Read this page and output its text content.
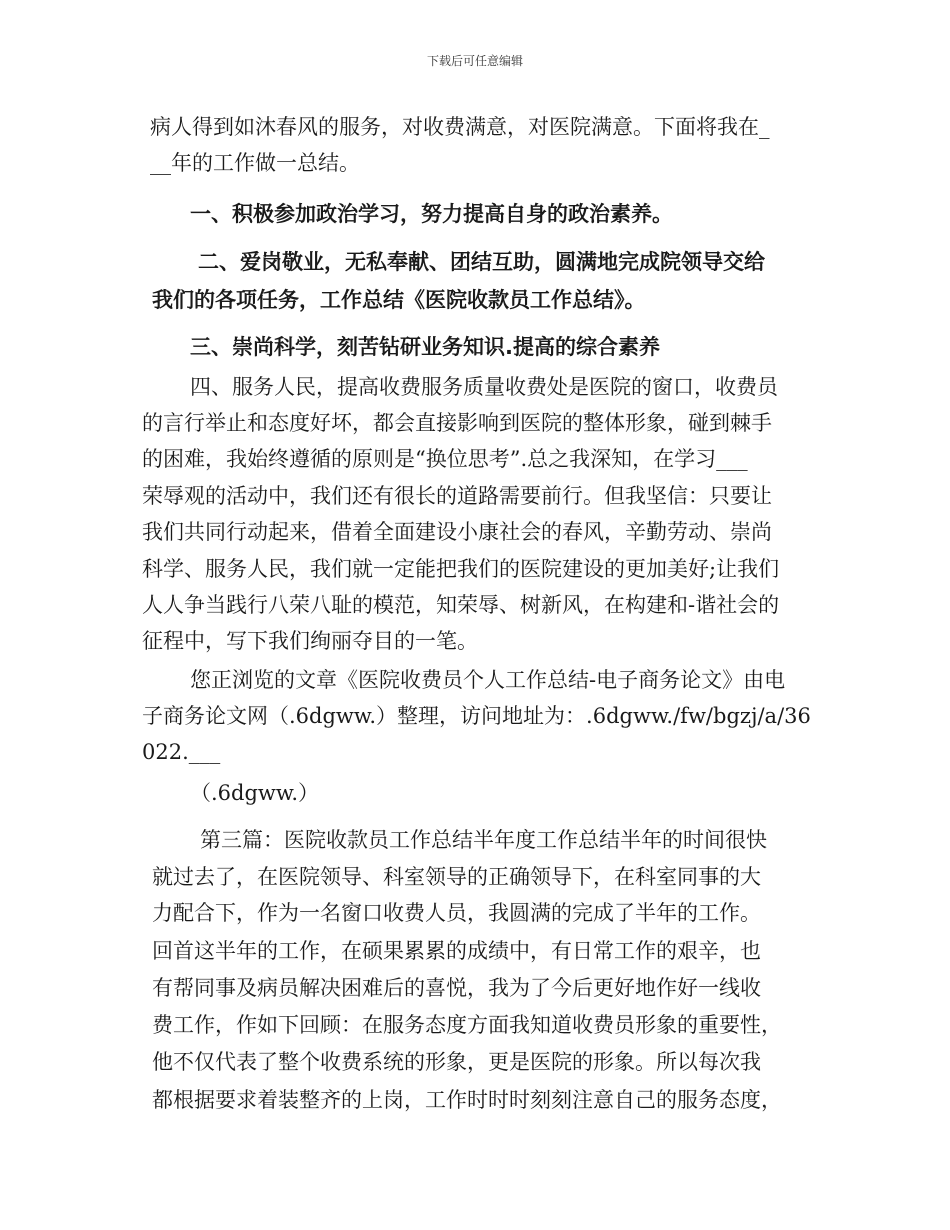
下载后可任意编辑
病人得到如沐春风的服务，对收费满意，对医院满意。下面将我在_
__年的工作做一总结。
一、积极参加政治学习，努力提高自身的政治素养。
二、爱岗敬业，无私奉献、团结互助，圆满地完成院领导交给
我们的各项任务，工作总结《医院收款员工作总结》。
三、崇尚科学，刻苦钻研业务知识.提高的综合素养
四、服务人民，提高收费服务质量收费处是医院的窗口，收费员
的言行举止和态度好坏，都会直接影响到医院的整体形象，碰到棘手
的困难，我始终遵循的原则是“换位思考”.总之我深知，在学习___
荣辱观的活动中，我们还有很长的道路需要前行。但我坚信：只要让
我们共同行动起来，借着全面建设小康社会的春风，辛勤劳动、崇尚
科学、服务人民，我们就一定能把我们的医院建设的更加美好;让我们
人人争当践行八荣八耻的模范，知荣辱、树新风，在构建和-谐社会的
征程中，写下我们绚丽夺目的一笔。
您正浏览的文章《医院收费员个人工作总结-电子商务论文》由电
子商务论文网（.6dgww.）整理，访问地址为：.6dgww./fw/bgzj/a/36
022.___
（.6dgww.）
第三篇：医院收款员工作总结半年度工作总结半年的时间很快
就过去了，在医院领导、科室领导的正确领导下，在科室同事的大
力配合下，作为一名窗口收费人员，我圆满的完成了半年的工作。
回首这半年的工作，在硕果累累的成绩中，有日常工作的艰辛，也
有帮同事及病员解决困难后的喜悦，我为了今后更好地作好一线收
费工作，作如下回顾：在服务态度方面我知道收费员形象的重要性，
他不仅代表了整个收费系统的形象，更是医院的形象。所以每次我
都根据要求着装整齐的上岗，工作时时时刻刻注意自己的服务态度，
